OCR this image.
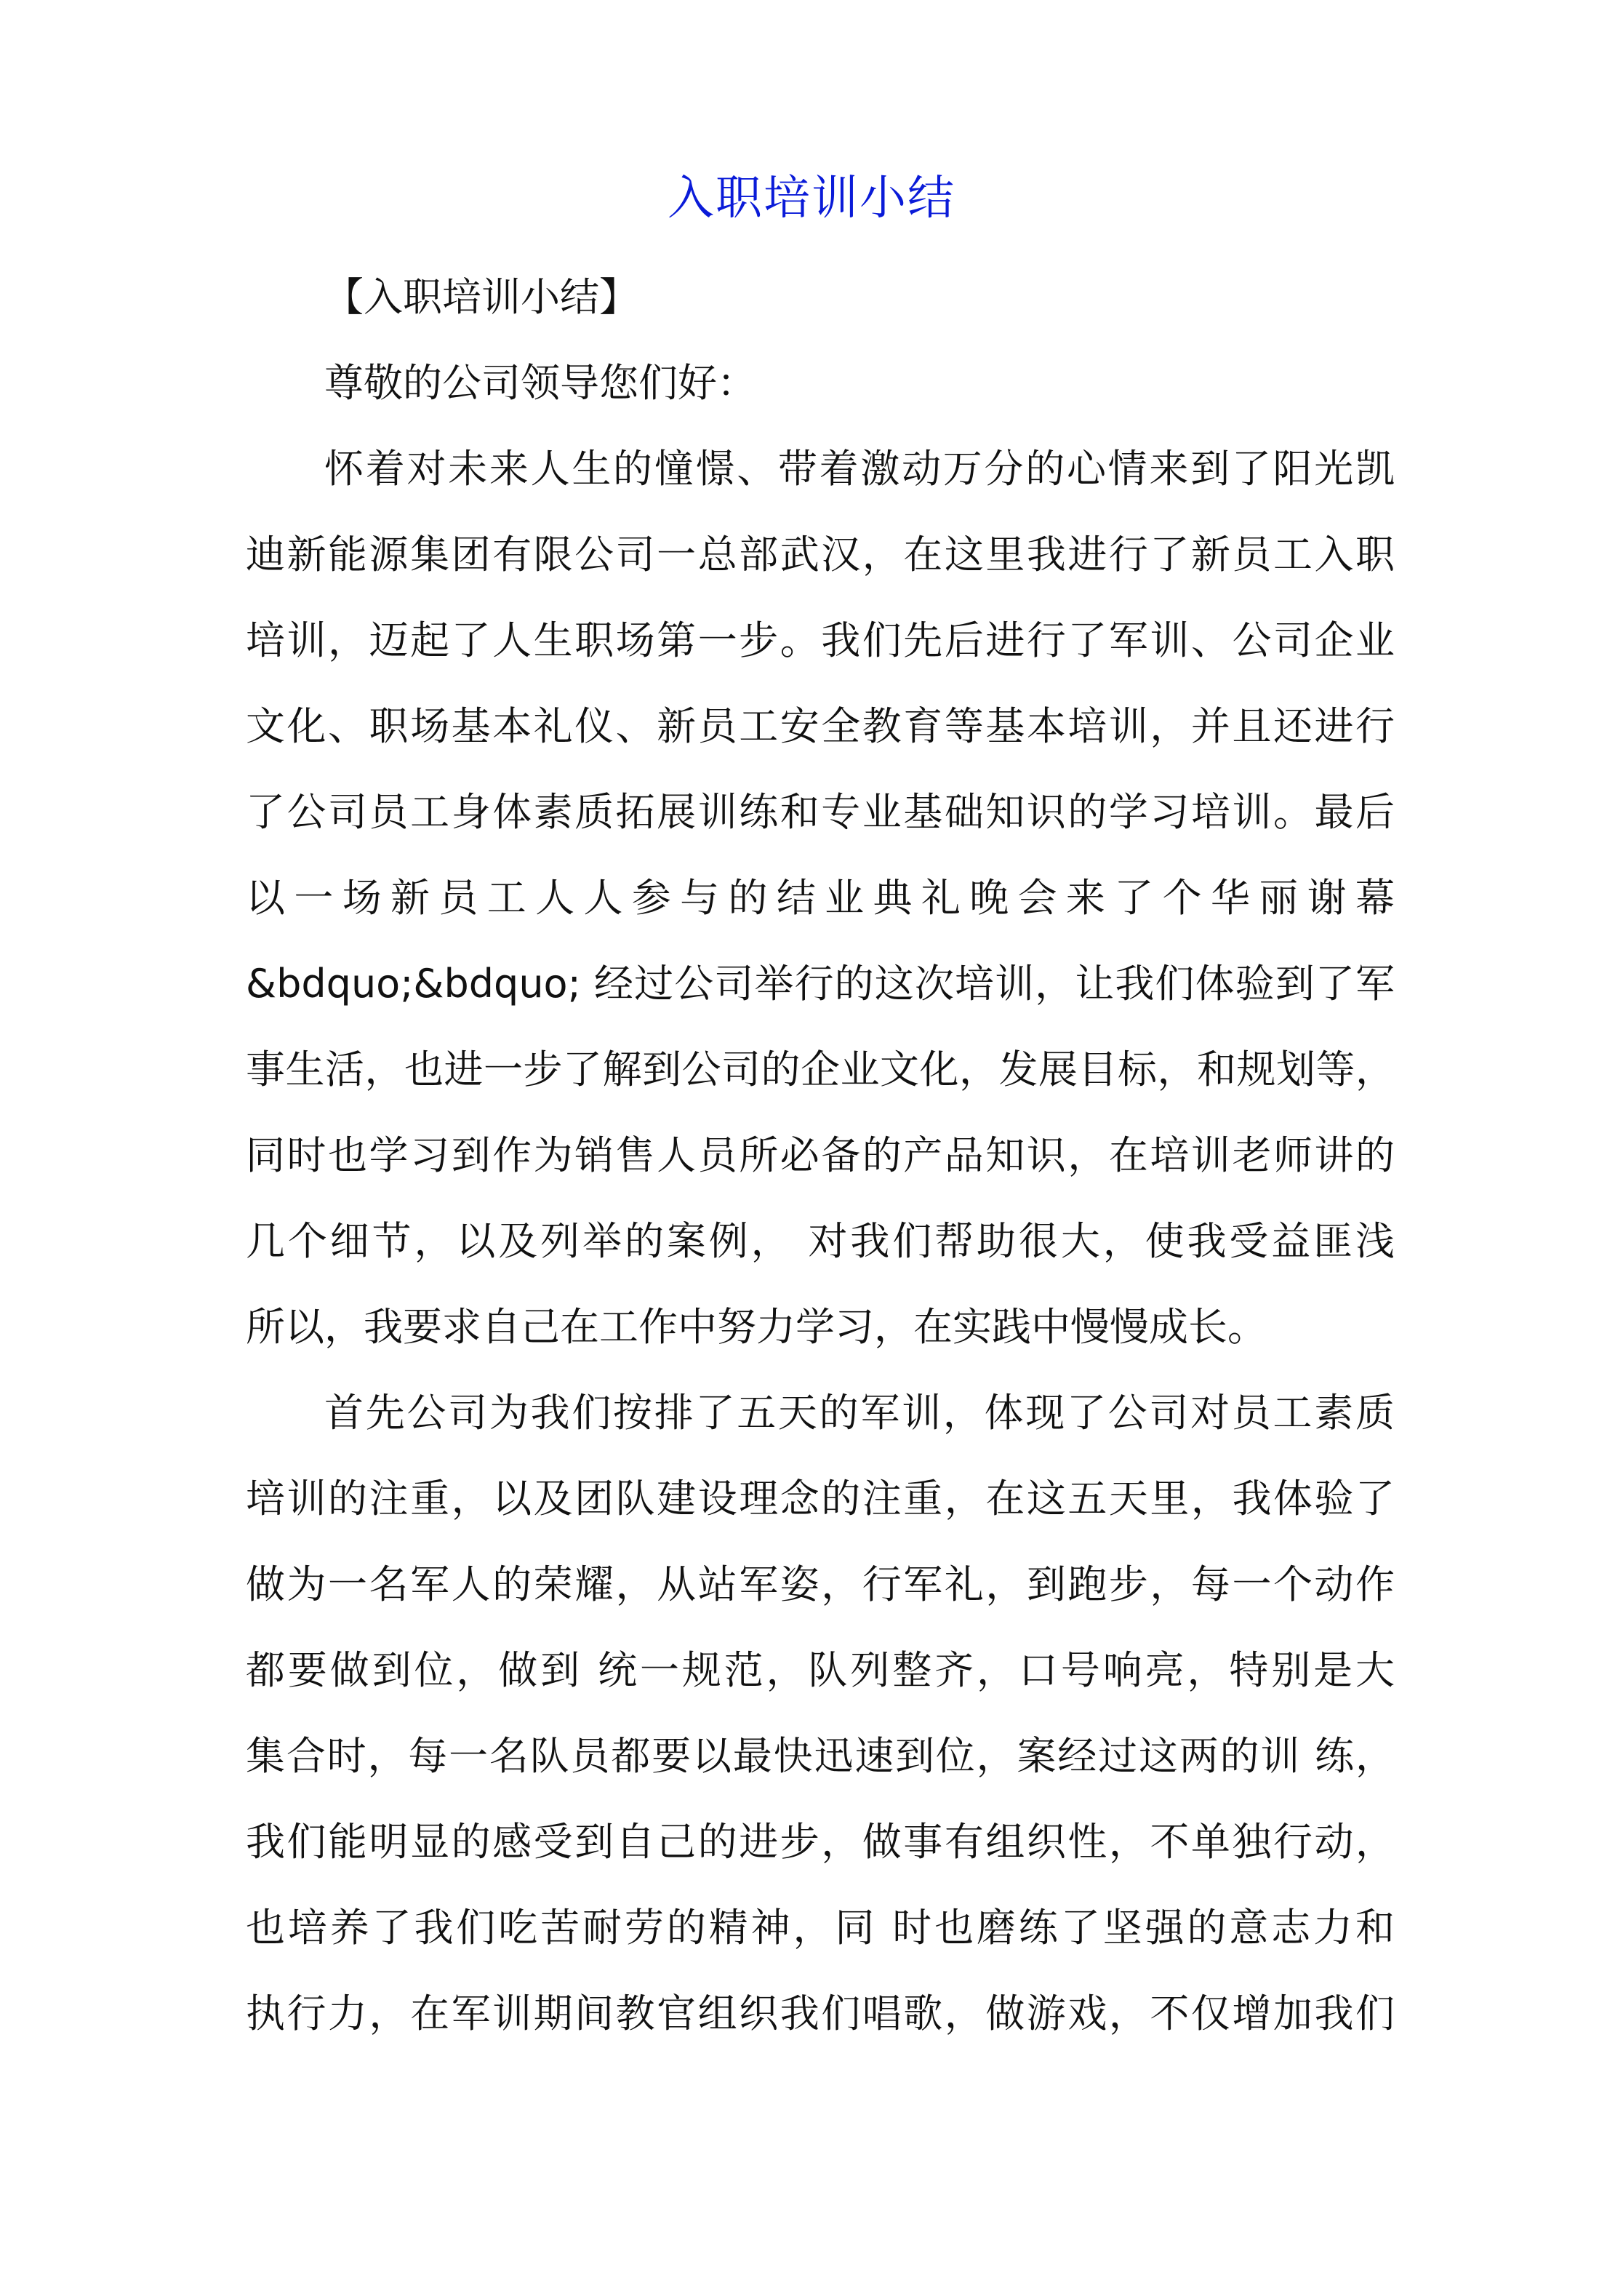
入职培训小结
【入职培训小结】
尊敬的公司领导您们好：
怀着对未来人生的憧憬、带着激动万分的心情来到了阳光凯
迪新能源集团有限公司一总部武汉，在这里我进行了新员工入职
培训，迈起了人生职场第一步。我们先后进行了军训、公司企业
文化、职场基本礼仪、新员工安全教育等基本培训，并且还进行
了公司员工身体素质拓展训练和专业基础知识的学习培训。最后
以一场新员工人人参与的结业典礼晚会来了个华丽谢幕
&bdquo;&bdquo; 经过公司举行的这次培训，让我们体验到了军
事生活，也进一步了解到公司的企业文化，发展目标，和规划等，
同时也学习到作为销售人员所必备的产品知识，在培训老师讲的
几个细节，以及列举的案例， 对我们帮助很大，使我受益匪浅
所以，我要求自己在工作中努力学习，在实践中慢慢成长。
首先公司为我们按排了五天的军训，体现了公司对员工素质
培训的注重，以及团队建设理念的注重，在这五天里，我体验了
做为一名军人的荣耀，从站军姿，行军礼，到跑步，每一个动作
都要做到位，做到 统一规范，队列整齐，口号响亮，特别是大
集合时，每一名队员都要以最快迅速到位，案经过这两的训 练，
我们能明显的感受到自己的进步，做事有组织性，不单独行动，
也培养了我们吃苦耐劳的精神，同 时也磨练了坚强的意志力和
执行力，在军训期间教官组织我们唱歌，做游戏，不仅增加我们
